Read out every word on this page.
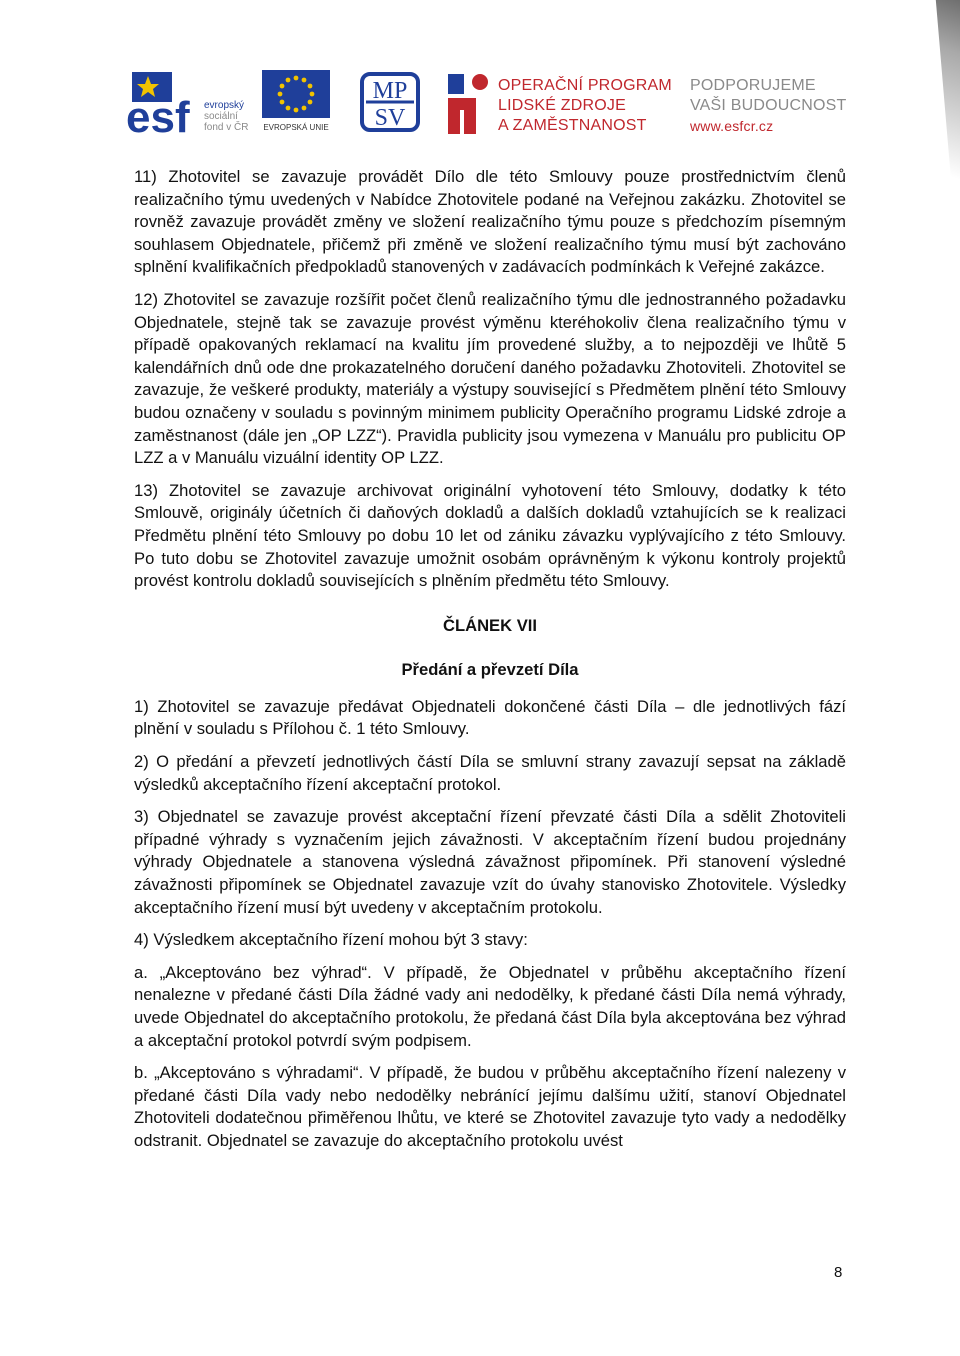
esf evropský
sociální
fond v ČR EVROPSKÁ UNIE
MP
SV
OPERAČNÍ PROGRAM
LIDSKÉ ZDROJE
A ZAMĚSTNANOST
PODPORUJEME
VAŠI BUDOUCNOST
www.esfcr.cz

11) Zhotovitel se zavazuje provádět Dílo dle této Smlouvy pouze prostřednictvím členů realizačního týmu uvedených v Nabídce Zhotovitele podané na Veřejnou zakázku. Zhotovitel se rovněž zavazuje provádět změny ve složení realizačního týmu pouze s předchozím písemným souhlasem Objednatele, přičemž při změně ve složení realizačního týmu musí být zachováno splnění kvalifikačních předpokladů stanovených v zadávacích podmínkách k Veřejné zakázce.

12) Zhotovitel se zavazuje rozšířit počet členů realizačního týmu dle jednostranného požadavku Objednatele, stejně tak se zavazuje provést výměnu kteréhokoliv člena realizačního týmu v případě opakovaných reklamací na kvalitu jím provedené služby, a to nejpozději ve lhůtě 5 kalendářních dnů ode dne prokazatelného doručení daného požadavku Zhotoviteli. Zhotovitel se zavazuje, že veškeré produkty, materiály a výstupy související s Předmětem plnění této Smlouvy budou označeny v souladu s povinným minimem publicity Operačního programu Lidské zdroje a zaměstnanost (dále jen „OP LZZ“). Pravidla publicity jsou vymezena v Manuálu pro publicitu OP LZZ a v Manuálu vizuální identity OP LZZ.

13) Zhotovitel se zavazuje archivovat originální vyhotovení této Smlouvy, dodatky k této Smlouvě, originály účetních či daňových dokladů a dalších dokladů vztahujících se k realizaci Předmětu plnění této Smlouvy po dobu 10 let od zániku závazku vyplývajícího z této Smlouvy. Po tuto dobu se Zhotovitel zavazuje umožnit osobám oprávněným k výkonu kontroly projektů provést kontrolu dokladů souvisejících s plněním předmětu této Smlouvy.

ČLÁNEK VII
Předání a převzetí Díla

1) Zhotovitel se zavazuje předávat Objednateli dokončené části Díla – dle jednotlivých fází plnění v souladu s Přílohou č. 1 této Smlouvy.

2) O předání a převzetí jednotlivých částí Díla se smluvní strany zavazují sepsat na základě výsledků akceptačního řízení akceptační protokol.

3) Objednatel se zavazuje provést akceptační řízení převzaté části Díla a sdělit Zhotoviteli případné výhrady s vyznačením jejich závažnosti. V akceptačním řízení budou projednány výhrady Objednatele a stanovena výsledná závažnost připomínek. Při stanovení výsledné závažnosti připomínek se Objednatel zavazuje vzít do úvahy stanovisko Zhotovitele. Výsledky akceptačního řízení musí být uvedeny v akceptačním protokolu.

4) Výsledkem akceptačního řízení mohou být 3 stavy:

a. „Akceptováno bez výhrad“. V případě, že Objednatel v průběhu akceptačního řízení nenalezne v předané části Díla žádné vady ani nedodělky, k předané části Díla nemá výhrady, uvede Objednatel do akceptačního protokolu, že předaná část Díla byla akceptována bez výhrad a akceptační protokol potvrdí svým podpisem.

b. „Akceptováno s výhradami“. V případě, že budou v průběhu akceptačního řízení nalezeny v předané části Díla vady nebo nedodělky nebránící jejímu dalšímu užití, stanoví Objednatel Zhotoviteli dodatečnou přiměřenou lhůtu, ve které se Zhotovitel zavazuje tyto vady a nedodělky odstranit. Objednatel se zavazuje do akceptačního protokolu uvést

8
